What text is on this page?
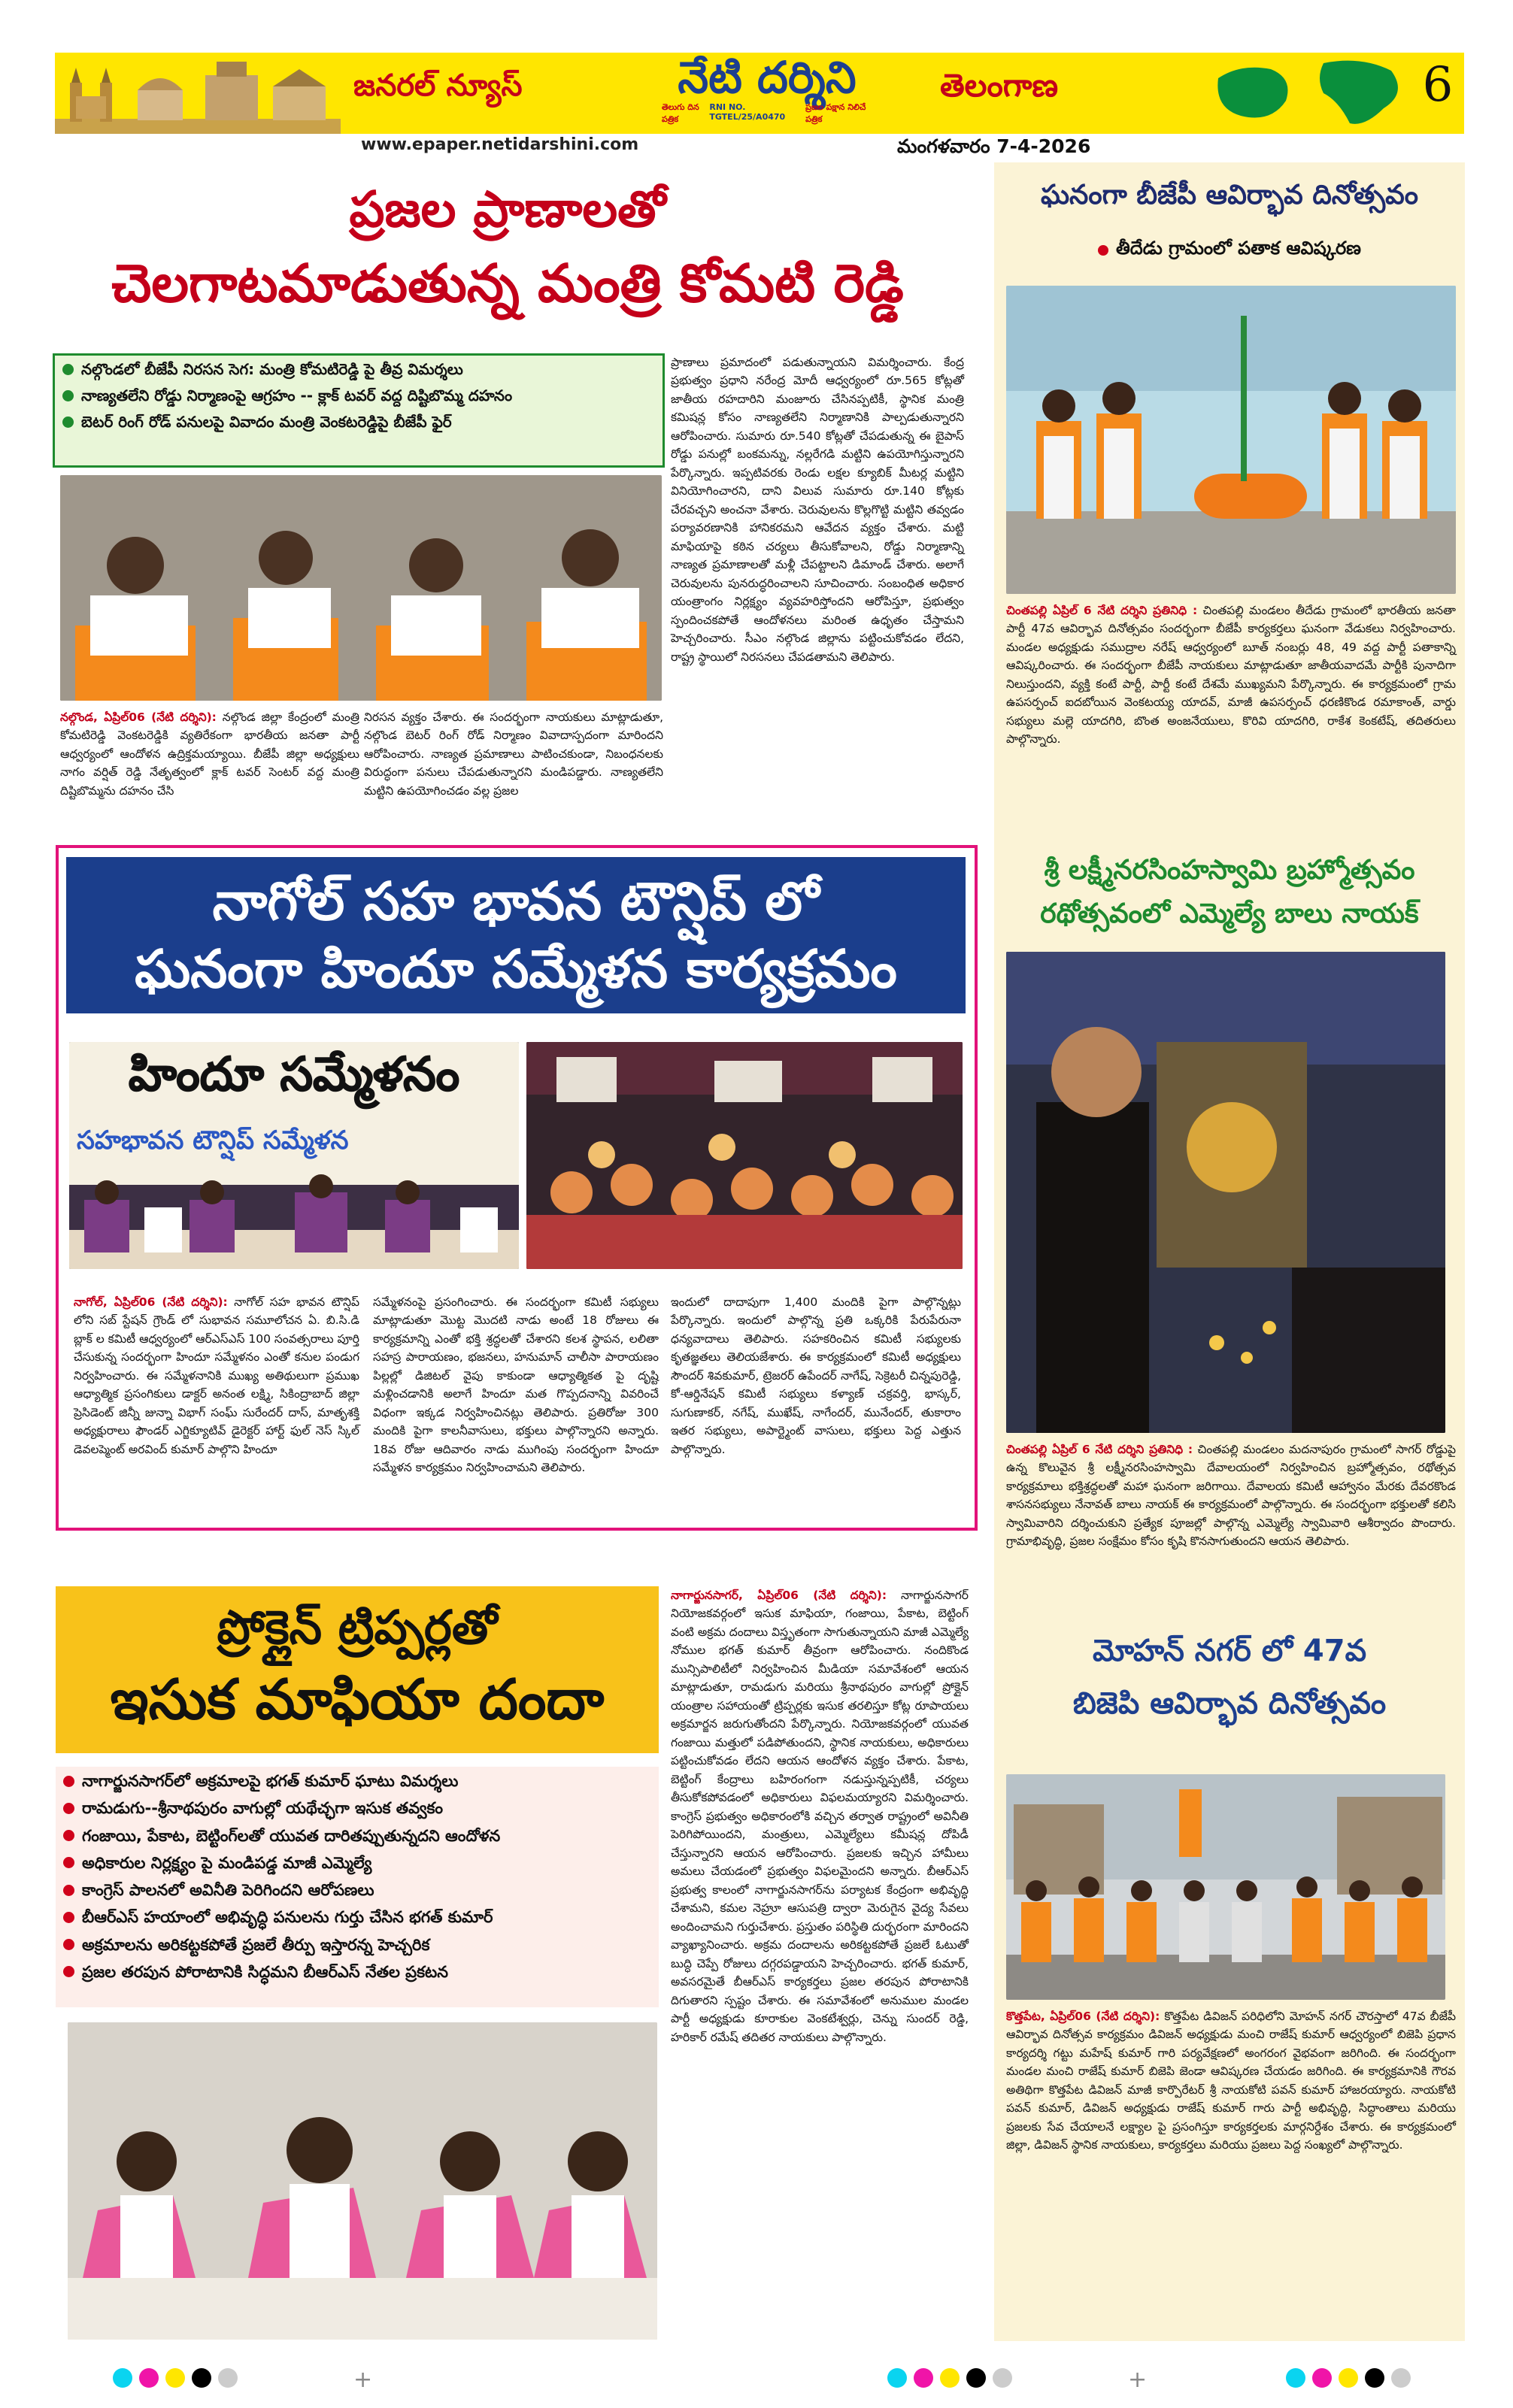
జనరల్ న్యూస్	నేటి దర్శిని
తెలుగు దిన పత్రిక
RNI NO. TGTEL/25/A0470
ప్రజల పక్షాన నిలిచే పత్రిక
తెలంగాణ	6
www.epaper.netidarshini.com	మంగళవారం 7-4-2026
ప్రజల ప్రాణాలతో
చెలగాటమాడుతున్న మంత్రి కోమటి రెడ్డి
నల్గొండలో బీజేపీ నిరసన సెగ: మంత్రి కోమటిరెడ్డి పై తీవ్ర విమర్శలు
నాణ్యతలేని రోడ్డు నిర్మాణంపై ఆగ్రహం -- క్లాక్ టవర్ వద్ద దిష్టిబొమ్మ దహనం
బెటర్ రింగ్ రోడ్ పనులపై వివాదం మంత్రి వెంకటరెడ్డిపై బీజేపీ ఫైర్
నల్గొండ, ఏప్రిల్06 (నేటి దర్శిని): నల్గొండ జిల్లా కేంద్రంలో మంత్రి కోమటిరెడ్డి వెంకటరెడ్డికి వ్యతిరేకంగా భారతీయ జనతా పార్టీ ఆధ్వర్యంలో ఆందోళన ఉద్రిక్తమయ్యాయి. బీజేపీ జిల్లా అధ్యక్షులు నాగం వర్షిత్ రెడ్డి నేతృత్వంలో క్లాక్ టవర్ సెంటర్ వద్ద మంత్రి దిష్టిబొమ్మను దహనం చేసి
నిరసన వ్యక్తం చేశారు. ఈ సందర్భంగా నాయకులు మాట్లాడుతూ, నల్గొండ బెటర్ రింగ్ రోడ్ నిర్మాణం వివాదాస్పదంగా మారిందని ఆరోపించారు. నాణ్యత ప్రమాణాలు పాటించకుండా, నిబంధనలకు విరుద్ధంగా పనులు చేపడుతున్నారని మండిపడ్డారు. నాణ్యతలేని మట్టిని ఉపయోగించడం వల్ల ప్రజల
ప్రాణాలు ప్రమాదంలో పడుతున్నాయని విమర్శించారు. కేంద్ర ప్రభుత్వం ప్రధాని నరేంద్ర మోదీ ఆధ్వర్యంలో రూ.565 కోట్లతో జాతీయ రహదారిని మంజూరు చేసినప్పటికీ, స్థానిక మంత్రి కమిషన్ల కోసం నాణ్యతలేని నిర్మాణానికి పాల్పడుతున్నారని ఆరోపించారు. సుమారు రూ.540 కోట్లతో చేపడుతున్న ఈ బైపాస్ రోడ్డు పనుల్లో బంకమన్ను, నల్లరేగడి మట్టిని ఉపయోగిస్తున్నారని పేర్కొన్నారు. ఇప్పటివరకు రెండు లక్షల క్యూబిక్ మీటర్ల మట్టిని వినియోగించారని, దాని విలువ సుమారు రూ.140 కోట్లకు చేరవచ్చని అంచనా వేశారు. చెరువులను కొల్లగొట్టి మట్టిని తవ్వడం పర్యావరణానికి హానికరమని ఆవేదన వ్యక్తం చేశారు. మట్టి మాఫియాపై కఠిన చర్యలు తీసుకోవాలని, రోడ్డు నిర్మాణాన్ని నాణ్యత ప్రమాణాలతో మళ్లీ చేపట్టాలని డిమాండ్ చేశారు. అలాగే చెరువులను పునరుద్ధరించాలని సూచించారు. సంబంధిత అధికార యంత్రాంగం నిర్లక్ష్యం వ్యవహరిస్తోందని ఆరోపిస్తూ, ప్రభుత్వం స్పందించకపోతే ఆందోళనలు మరింత ఉధృతం చేస్తామని హెచ్చరించారు. సీఎం నల్గొండ జిల్లాను పట్టించుకోవడం లేదని, రాష్ట్ర స్థాయిలో నిరసనలు చేపడతామని తెలిపారు.
నాగోల్ సహ భావన టౌన్షిప్ లో
ఘనంగా హిందూ సమ్మేళన కార్యక్రమం
హిందూ సమ్మేళనం
సహభావన టౌన్షిప్ సమ్మేళన
నాగోల్, ఏప్రిల్06 (నేటి దర్శిని): నాగోల్ సహ భావన టౌన్షిప్ లోని సబ్ స్టేషన్ గ్రౌండ్ లో సుభావన సమూలోచన ఏ. బి.సి.డి బ్లాక్ ల కమిటీ ఆధ్వర్యంలో ఆర్ఎస్ఎస్ 100 సంవత్సరాలు పూర్తి చేసుకున్న సందర్భంగా హిందూ సమ్మేళనం ఎంతో కనుల పండుగ నిర్వహించారు. ఈ సమ్మేళనానికి ముఖ్య అతిథులుగా ప్రముఖ ఆధ్యాత్మిక ప్రసంగికులు డాక్టర్ అనంత లక్ష్మి, సికింద్రాబాద్ జిల్లా ప్రెసిడెంట్ జిన్నీ జున్నా విభాగ్ సంఘ్ సురేందర్ దాస్, మాతృశక్తి అధ్యక్షురాలు ఫౌండర్ ఎగ్జిక్యూటివ్ డైరెక్టర్ హార్ట్ ఫుల్ నెస్ స్కిల్ డెవలప్మెంట్ అరవింద్ కుమార్ పాల్గొని హిందూ
సమ్మేళనంపై ప్రసంగించారు. ఈ సందర్భంగా కమిటీ సభ్యులు మాట్లాడుతూ మొట్ట మొదటి నాడు అంటే 18 రోజులు ఈ కార్యక్రమాన్ని ఎంతో భక్తి శ్రద్ధలతో చేశారని కలశ స్థాపన, లలితా సహస్ర పారాయణం, భజనలు, హనుమాన్ చాలీసా పారాయణం పిల్లల్లో డిజిటల్ వైపు కాకుండా ఆధ్యాత్మికత పై దృష్టి మళ్లించడానికి అలాగే హిందూ మత గొప్పదనాన్ని వివరించే విధంగా ఇక్కడ నిర్వహించినట్లు తెలిపారు. ప్రతిరోజు 300 మందికి పైగా కాలనీవాసులు, భక్తులు పాల్గొన్నారని అన్నారు. 18వ రోజు ఆదివారం నాడు ముగింపు సందర్భంగా హిందూ సమ్మేళన కార్యక్రమం నిర్వహించామని తెలిపారు.
ఇందులో దాదాపుగా 1,400 మందికి పైగా పాల్గొన్నట్లు పేర్కొన్నారు. ఇందులో పాల్గొన్న ప్రతి ఒక్కరికి పేరుపేరునా ధన్యవాదాలు తెలిపారు. సహకరించిన కమిటీ సభ్యులకు కృతజ్ఞతలు తెలియజేశారు. ఈ కార్యక్రమంలో కమిటీ అధ్యక్షులు సౌందర్ శివకుమార్, ట్రెజరర్ ఉపేందర్ నాగేష్, సెక్రెటరీ చిన్నపురెడ్డి, కో-ఆర్డినేషన్ కమిటీ సభ్యులు కళ్యాణ్ చక్రవర్తి, భాస్కర్, సుగుణాకర్, నగేష్, ముఖేష్, నాగేందర్, మునేందర్, తుకారాం ఇతర సభ్యులు, అపార్ట్మెంట్ వాసులు, భక్తులు పెద్ద ఎత్తున పాల్గొన్నారు.
ప్రోక్లైన్ ట్రిప్పర్లతో
ఇసుక మాఫియా దందా
నాగార్జునసాగర్‌లో అక్రమాలపై భగత్ కుమార్ ఘాటు విమర్శలు
రామడుగు--శ్రీనాథపురం వాగుల్లో యథేచ్ఛగా ఇసుక తవ్వకం
గంజాయి, పేకాట, బెట్టింగ్‌లతో యువత దారితప్పుతున్నదని ఆందోళన
అధికారుల నిర్లక్ష్యం పై మండిపడ్డ మాజీ ఎమ్మెల్యే
కాంగ్రెస్ పాలనలో అవినీతి పెరిగిందని ఆరోపణలు
బీఆర్ఎస్ హయాంలో అభివృద్ధి పనులను గుర్తు చేసిన భగత్ కుమార్
అక్రమాలను అరికట్టకపోతే ప్రజలే తీర్పు ఇస్తారన్న హెచ్చరిక
ప్రజల తరపున పోరాటానికి సిద్ధమని బీఆర్ఎస్ నేతల ప్రకటన
నాగార్జునసాగర్, ఏప్రిల్06 (నేటి దర్శిని): నాగార్జునసాగర్ నియోజకవర్గంలో ఇసుక మాఫియా, గంజాయి, పేకాట, బెట్టింగ్ వంటి అక్రమ దందాలు విస్తృతంగా సాగుతున్నాయని మాజీ ఎమ్మెల్యే నోముల భగత్ కుమార్ తీవ్రంగా ఆరోపించారు. నందికొండ మున్సిపాలిటీలో నిర్వహించిన మీడియా సమావేశంలో ఆయన మాట్లాడుతూ, రామడుగు మరియు శ్రీనాథపురం వాగుల్లో ప్రోక్లైన్ యంత్రాల సహాయంతో ట్రిప్పర్లకు ఇసుక తరలిస్తూ కోట్ల రూపాయలు అక్రమార్జన జరుగుతోందని పేర్కొన్నారు. నియోజకవర్గంలో యువత గంజాయి మత్తులో పడిపోతుందని, స్థానిక నాయకులు, అధికారులు పట్టించుకోవడం లేదని ఆయన ఆందోళన వ్యక్తం చేశారు. పేకాట, బెట్టింగ్ కేంద్రాలు బహిరంగంగా నడుస్తున్నప్పటికీ, చర్యలు తీసుకోకపోవడంలో అధికారులు విఫలమయ్యారని విమర్శించారు. కాంగ్రెస్ ప్రభుత్వం అధికారంలోకి వచ్చిన తర్వాత రాష్ట్రంలో అవినీతి పెరిగిపోయిందని, మంత్రులు, ఎమ్మెల్యేలు కమీషన్ల దోపిడీ చేస్తున్నారని ఆయన ఆరోపించారు. ప్రజలకు ఇచ్చిన హామీలు అమలు చేయడంలో ప్రభుత్వం విఫలమైందని అన్నారు. బీఆర్ఎస్ ప్రభుత్వ కాలంలో నాగార్జునసాగర్‌ను పర్యాటక కేంద్రంగా అభివృద్ధి చేశామని, కమల నెహ్రూ ఆసుపత్రి ద్వారా మెరుగైన వైద్య సేవలు అందించామని గుర్తుచేశారు. ప్రస్తుతం పరిస్థితి దుర్భరంగా మారిందని వ్యాఖ్యానించారు. అక్రమ దందాలను అరికట్టకపోతే ప్రజలే ఓటుతో బుద్ధి చెప్పే రోజులు దగ్గరపడ్డాయని హెచ్చరించారు. భగత్ కుమార్, అవసరమైతే బీఆర్ఎస్ కార్యకర్తలు ప్రజల తరపున పోరాటానికి దిగుతారని స్పష్టం చేశారు. ఈ సమావేశంలో అనుముల మండల పార్టీ అధ్యక్షుడు కూరాకుల వెంకటేశ్వర్లు, చెన్ను సుందర్ రెడ్డి, హరికార్ రమేష్ తదితర నాయకులు పాల్గొన్నారు.
ఘనంగా బీజేపీ ఆవిర్భావ దినోత్సవం
తీదేడు గ్రామంలో పతాక ఆవిష్కరణ
చింతపల్లి ఏప్రిల్ 6 నేటి దర్శిని ప్రతినిధి : చింతపల్లి మండలం తీదేడు గ్రామంలో భారతీయ జనతా పార్టీ 47వ ఆవిర్భావ దినోత్సవం సందర్భంగా బీజేపీ కార్యకర్తలు ఘనంగా వేడుకలు నిర్వహించారు. మండల అధ్యక్షుడు సముద్రాల నరేష్ ఆధ్వర్యంలో బూత్ నంబర్లు 48, 49 వద్ద పార్టీ పతాకాన్ని ఆవిష్కరించారు. ఈ సందర్భంగా బీజేపీ నాయకులు మాట్లాడుతూ జాతీయవాదమే పార్టీకి పునాదిగా నిలుస్తుందని, వ్యక్తి కంటే పార్టీ, పార్టీ కంటే దేశమే ముఖ్యమని పేర్కొన్నారు. ఈ కార్యక్రమంలో గ్రామ ఉపసర్పంచ్ ఐదబోయిన వెంకటయ్య యాదవ్, మాజీ ఉపసర్పంచ్ ధరణికొండ రమాకాంత్, వార్డు సభ్యులు మల్లె యాదగిరి, బొంత అంజనేయులు, కొరివి యాదగిరి, రాకేశ కెంకటేష్, తదితరులు పాల్గొన్నారు.
శ్రీ లక్ష్మీనరసింహస్వామి బ్రహ్మోత్సవం
రథోత్సవంలో ఎమ్మెల్యే బాలు నాయక్
చింతపల్లి ఏప్రిల్ 6 నేటి దర్శిని ప్రతినిధి : చింతపల్లి మండలం మదనాపురం గ్రామంలో సాగర్ రోడ్డుపై ఉన్న కొలువైన శ్రీ లక్ష్మీనరసింహస్వామి దేవాలయంలో నిర్వహించిన బ్రహ్మోత్సవం, రథోత్సవ కార్యక్రమాలు భక్తిశ్రద్ధలతో మహా ఘనంగా జరిగాయి. దేవాలయ కమిటీ ఆహ్వానం మేరకు దేవరకొండ శాసనసభ్యులు నేనావత్ బాలు నాయక్ ఈ కార్యక్రమంలో పాల్గొన్నారు. ఈ సందర్భంగా భక్తులతో కలిసి స్వామివారిని దర్శించుకుని ప్రత్యేక పూజల్లో పాల్గొన్న ఎమ్మెల్యే స్వామివారి ఆశీర్వాదం పొందారు. గ్రామాభివృద్ధి, ప్రజల సంక్షేమం కోసం కృషి కొనసాగుతుందని ఆయన తెలిపారు.
మోహన్ నగర్ లో 47వ
బిజెపి ఆవిర్భావ దినోత్సవం
కొత్తపేట, ఏప్రిల్06 (నేటి దర్శిని): కొత్తపేట డివిజన్ పరిధిలోని మోహన్ నగర్ చౌరస్తాలో 47వ బీజేపీ ఆవిర్భావ దినోత్సవ కార్యక్రమం డివిజన్ అధ్యక్షుడు మంచి రాజేష్ కుమార్ ఆధ్వర్యంలో బిజెపి ప్రధాన కార్యదర్శి గట్టు మహేష్ కుమార్ గారి పర్యవేక్షణలో అంగరంగ వైభవంగా జరిగింది. ఈ సందర్భంగా మండల మంచి రాజేష్ కుమార్ బిజెపి జెండా ఆవిష్కరణ చేయడం జరిగింది. ఈ కార్యక్రమానికి గౌరవ అతిథిగా కొత్తపేట డివిజన్ మాజీ కార్పొరేటర్ శ్రీ నాయకోటి పవన్ కుమార్ హాజరయ్యారు. నాయకోటి పవన్ కుమార్, డివిజన్ అధ్యక్షుడు రాజేష్ కుమార్ గారు పార్టీ అభివృద్ధి, సిద్ధాంతాలు మరియు ప్రజలకు సేవ చేయాలనే లక్ష్యాల పై ప్రసంగిస్తూ కార్యకర్తలకు మార్గనిర్దేశం చేశారు. ఈ కార్యక్రమంలో జిల్లా, డివిజన్ స్థానిక నాయకులు, కార్యకర్తలు మరియు ప్రజలు పెద్ద సంఖ్యలో పాల్గొన్నారు.
+	+
